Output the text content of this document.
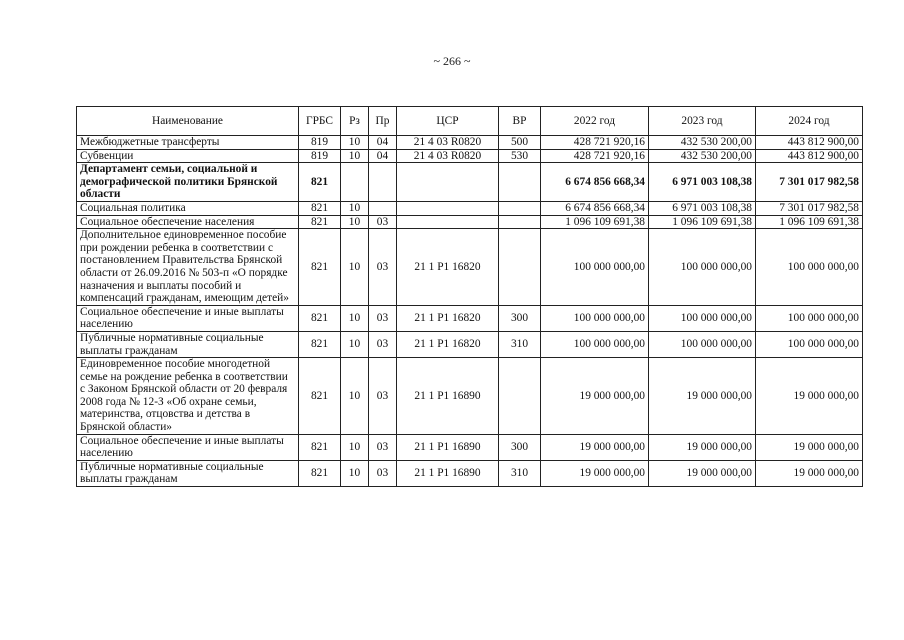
~ 266 ~
Наименование	ГРБС	Рз	Пр	ЦСР	ВР	2022 год	2023 год	2024 год
Межбюджетные трансферты	819	10	04	21 4 03 R0820	500	428 721 920,16	432 530 200,00	443 812 900,00
Субвенции	819	10	04	21 4 03 R0820	530	428 721 920,16	432 530 200,00	443 812 900,00
Департамент семьи, социальной и демографической политики Брянской области	821					6 674 856 668,34	6 971 003 108,38	7 301 017 982,58
Социальная политика	821	10				6 674 856 668,34	6 971 003 108,38	7 301 017 982,58
Социальное обеспечение населения	821	10	03			1 096 109 691,38	1 096 109 691,38	1 096 109 691,38
Дополнительное единовременное пособие при рождении ребенка в соответствии с постановлением Правительства Брянской области от 26.09.2016 № 503-п «О порядке назначения и выплаты пособий и компенсаций гражданам, имеющим детей»	821	10	03	21 1 P1 16820		100 000 000,00	100 000 000,00	100 000 000,00
Социальное обеспечение и иные выплаты населению	821	10	03	21 1 P1 16820	300	100 000 000,00	100 000 000,00	100 000 000,00
Публичные нормативные социальные выплаты гражданам	821	10	03	21 1 P1 16820	310	100 000 000,00	100 000 000,00	100 000 000,00
Единовременное пособие многодетной семье на рождение ребенка в соответствии с Законом Брянской области от 20 февраля 2008 года № 12-З «Об охране семьи, материнства, отцовства и детства в Брянской области»	821	10	03	21 1 P1 16890		19 000 000,00	19 000 000,00	19 000 000,00
Социальное обеспечение и иные выплаты населению	821	10	03	21 1 P1 16890	300	19 000 000,00	19 000 000,00	19 000 000,00
Публичные нормативные социальные выплаты гражданам	821	10	03	21 1 P1 16890	310	19 000 000,00	19 000 000,00	19 000 000,00
